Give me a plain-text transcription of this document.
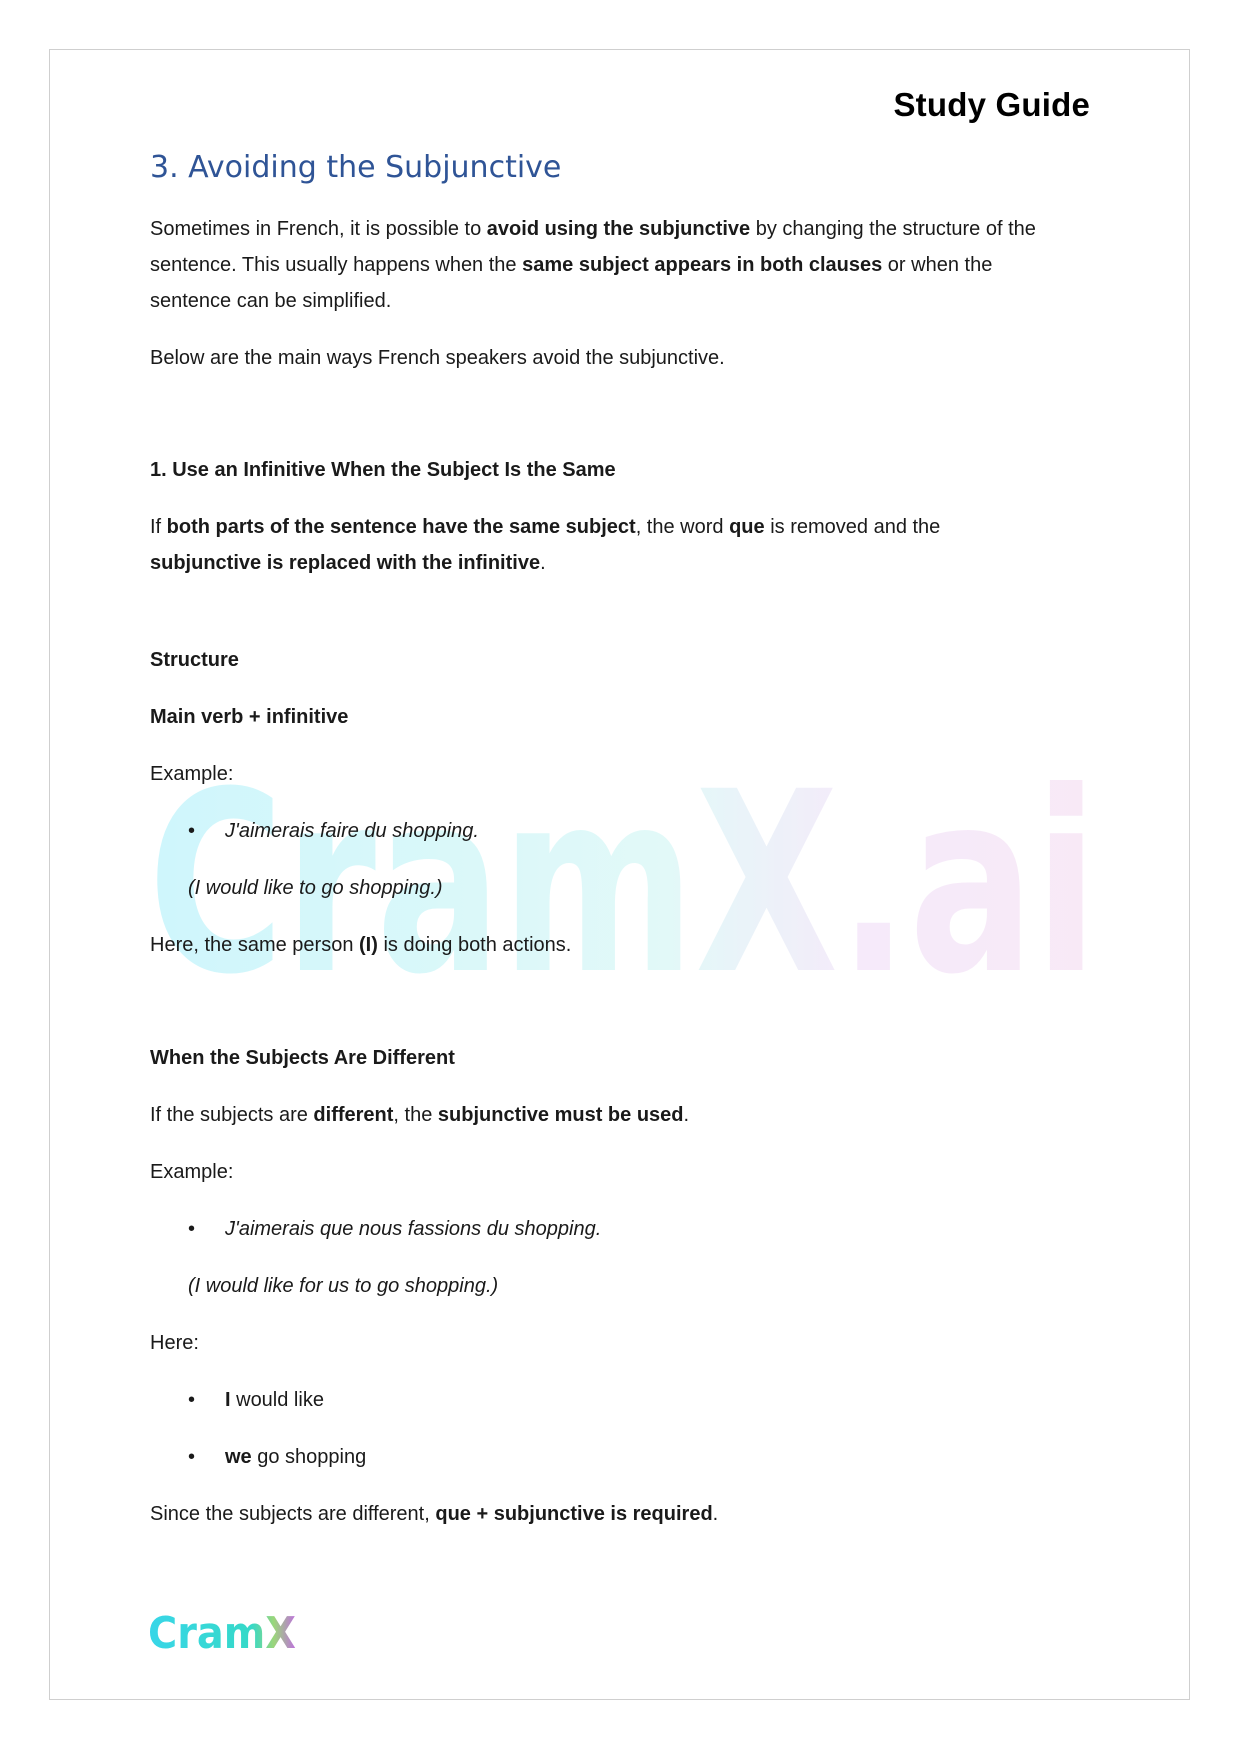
CramX.ai
Study Guide
3. Avoiding the Subjunctive

Sometimes in French, it is possible to avoid using the subjunctive by changing the structure of the
sentence. This usually happens when the same subject appears in both clauses or when the
sentence can be simplified.

Below are the main ways French speakers avoid the subjunctive.

1. Use an Infinitive When the Subject Is the Same

If both parts of the sentence have the same subject, the word que is removed and the
subjunctive is replaced with the infinitive.

Structure

Main verb + infinitive

Example:

• J'aimerais faire du shopping.
(I would like to go shopping.)

Here, the same person (I) is doing both actions.

When the Subjects Are Different

If the subjects are different, the subjunctive must be used.

Example:

• J'aimerais que nous fassions du shopping.
(I would like for us to go shopping.)

Here:

• I would like
• we go shopping

Since the subjects are different, que + subjunctive is required.

CramX
